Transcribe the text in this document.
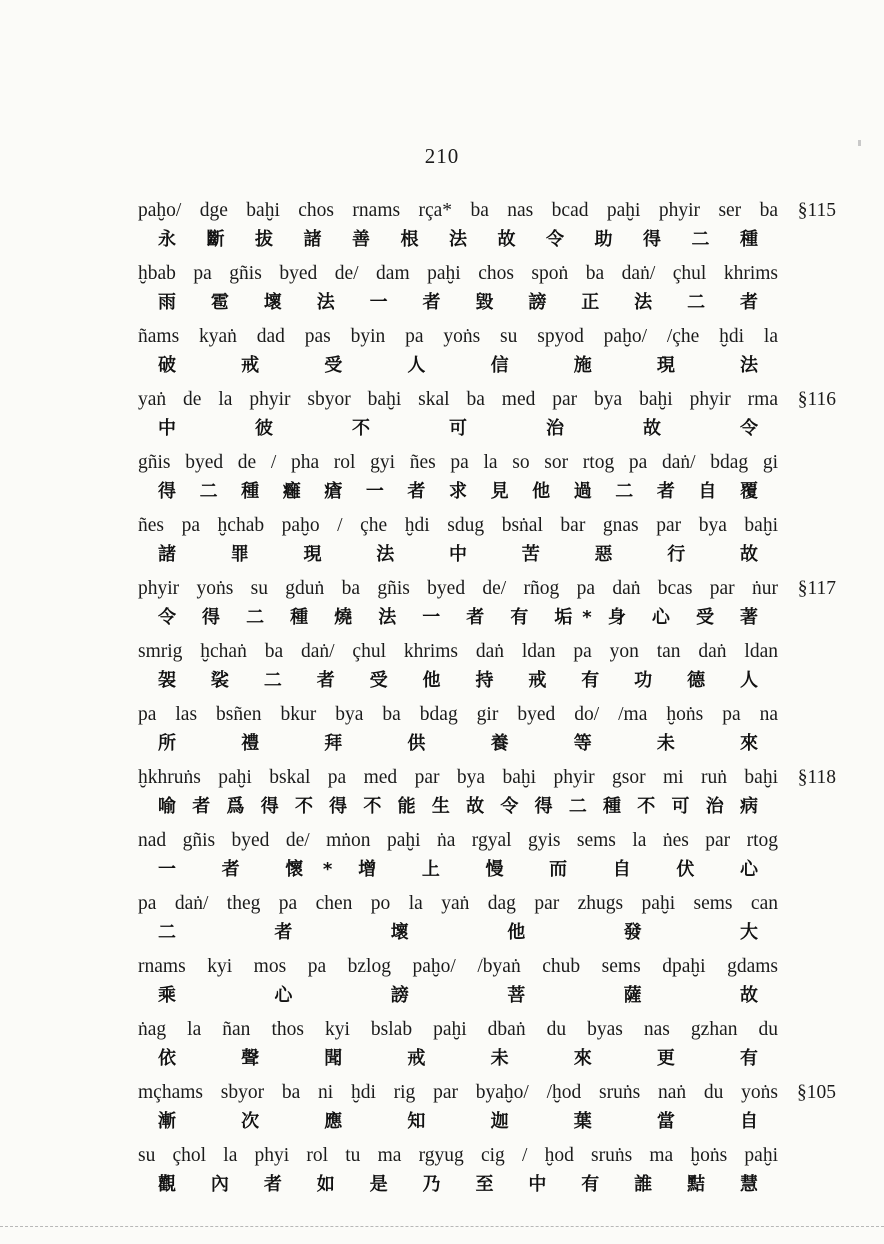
210
paḫo/ dge baḫi chos rnams rça* ba nas bcad paḫi phyir ser ba
永 斷 拔 諸 善 根 法 故 令 助 得 二 種
§115
ḫbab pa gñis byed de/ dam paḫi chos spoṅ ba daṅ/ çhul khrims
雨 雹 壞 法 一 者 毀 謗 正 法 二 者
ñams kyaṅ dad pas byin pa yoṅs su spyod paḫo/ /çhe ḫdi la
破 戒 受 人 信 施 現 法
yaṅ de la phyir sbyor baḫi skal ba med par bya baḫi phyir rma
中 彼 不 可 治 故 令
§116
gñis byed de / pha rol gyi ñes pa la so sor rtog pa daṅ/ bdag gi
得 二 種 癰 瘡 一 者 求 見 他 過 二 者 自 覆
ñes pa ḫchab paḫo / çhe ḫdi sdug bsṅal bar gnas par bya baḫi
諸 罪 現 法 中 苦 惡 行 故
phyir yoṅs su gduṅ ba gñis byed de/ rñog pa daṅ bcas par ṅur
令 得 二 種 燒 法 一 者 有 垢* 身 心 受 著
§117
smrig ḫchaṅ ba daṅ/ çhul khrims daṅ ldan pa yon tan daṅ ldan
袈 裟 二 者 受 他 持 戒 有 功 德 人
pa las bsñen bkur bya ba bdag gir byed do/ /ma ḫoṅs pa na
所 禮 拜 供 養 等 未 來
ḫkhruṅs paḫi bskal pa med par bya baḫi phyir gsor mi ruṅ baḫi
喻 者 爲 得 不 得 不 能 生 故 令 得 二 種 不 可 治 病
§118
nad gñis byed de/ mṅon paḫi ṅa rgyal gyis sems la ṅes par rtog
一 者 懷* 增 上 慢 而 自 伏 心
pa daṅ/ theg pa chen po la yaṅ dag par zhugs paḫi sems can
二 者 壞 他 發 大
rnams kyi mos pa bzlog paḫo/ /byaṅ chub sems dpaḫi gdams
乘 心 謗 菩 薩 故
ṅag la ñan thos kyi bslab paḫi dbaṅ du byas nas gzhan du
依 聲 聞 戒 未 來 更 有
mçhams sbyor ba ni ḫdi rig par byaḫo/ /ḫod sruṅs naṅ du yoṅs
漸 次 應 知 迦 葉 當 自
§105
su çhol la phyi rol tu ma rgyug cig / ḫod sruṅs ma ḫoṅs paḫi
觀 內 者 如 是 乃 至 中 有 誰 黠 慧
